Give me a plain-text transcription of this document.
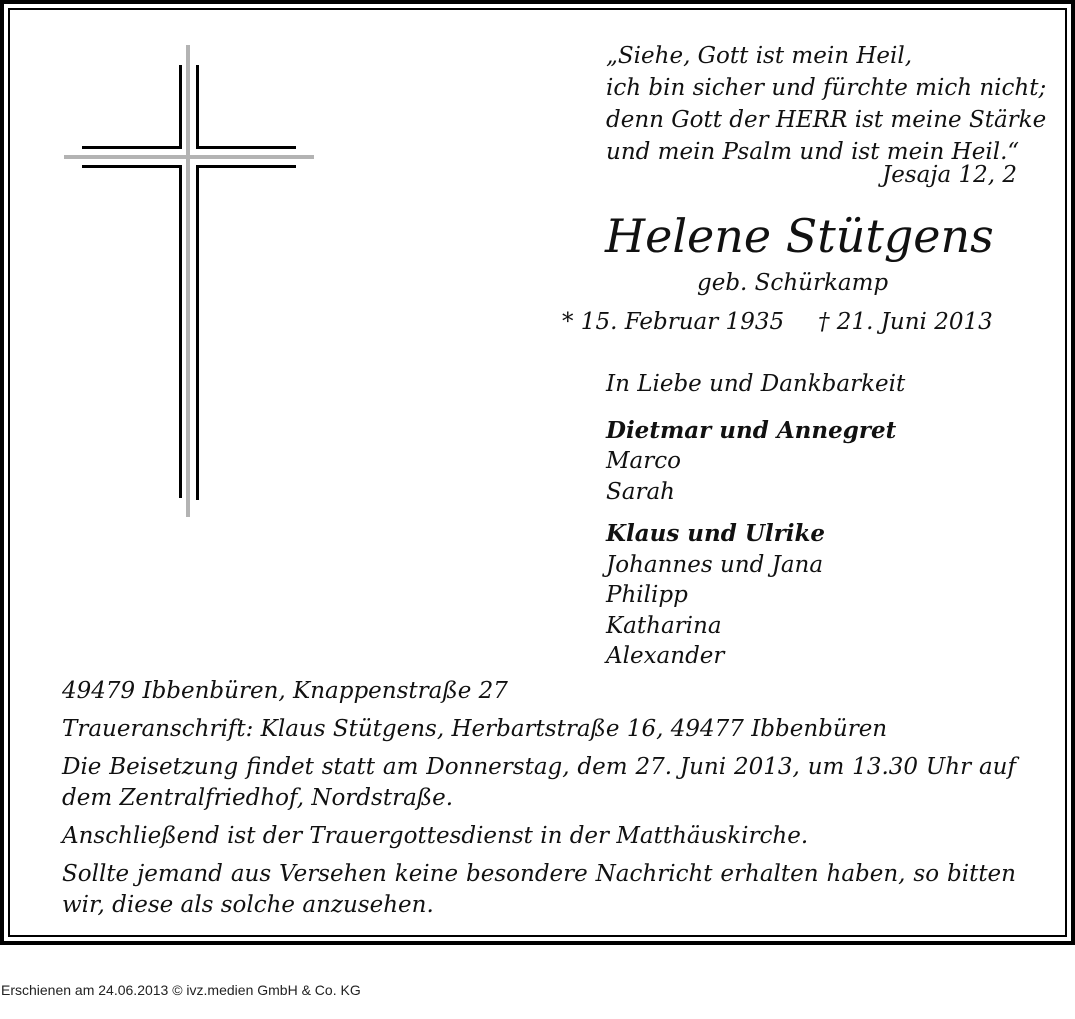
„Siehe, Gott ist mein Heil,
ich bin sicher und fürchte mich nicht;
denn Gott der HERR ist meine Stärke
und mein Psalm und ist mein Heil.“
Jesaja 12, 2
Helene Stütgens
geb. Schürkamp
* 15. Februar 1935 † 21. Juni 2013
In Liebe und Dankbarkeit
Dietmar und Annegret
Marco
Sarah
Klaus und Ulrike
Johannes und Jana
Philipp
Katharina
Alexander

49479 Ibbenbüren, Knappenstraße 27

Traueranschrift: Klaus Stütgens, Herbartstraße 16, 49477 Ibbenbüren

Die Beisetzung findet statt am Donnerstag, dem 27. Juni 2013, um 13.30 Uhr auf dem Zentralfriedhof, Nordstraße.

Anschließend ist der Trauergottesdienst in der Matthäuskirche.

Sollte jemand aus Versehen keine besondere Nachricht erhalten haben, so bitten wir, diese als solche anzusehen.

Erschienen am 24.06.2013 © ivz.medien GmbH & Co. KG
